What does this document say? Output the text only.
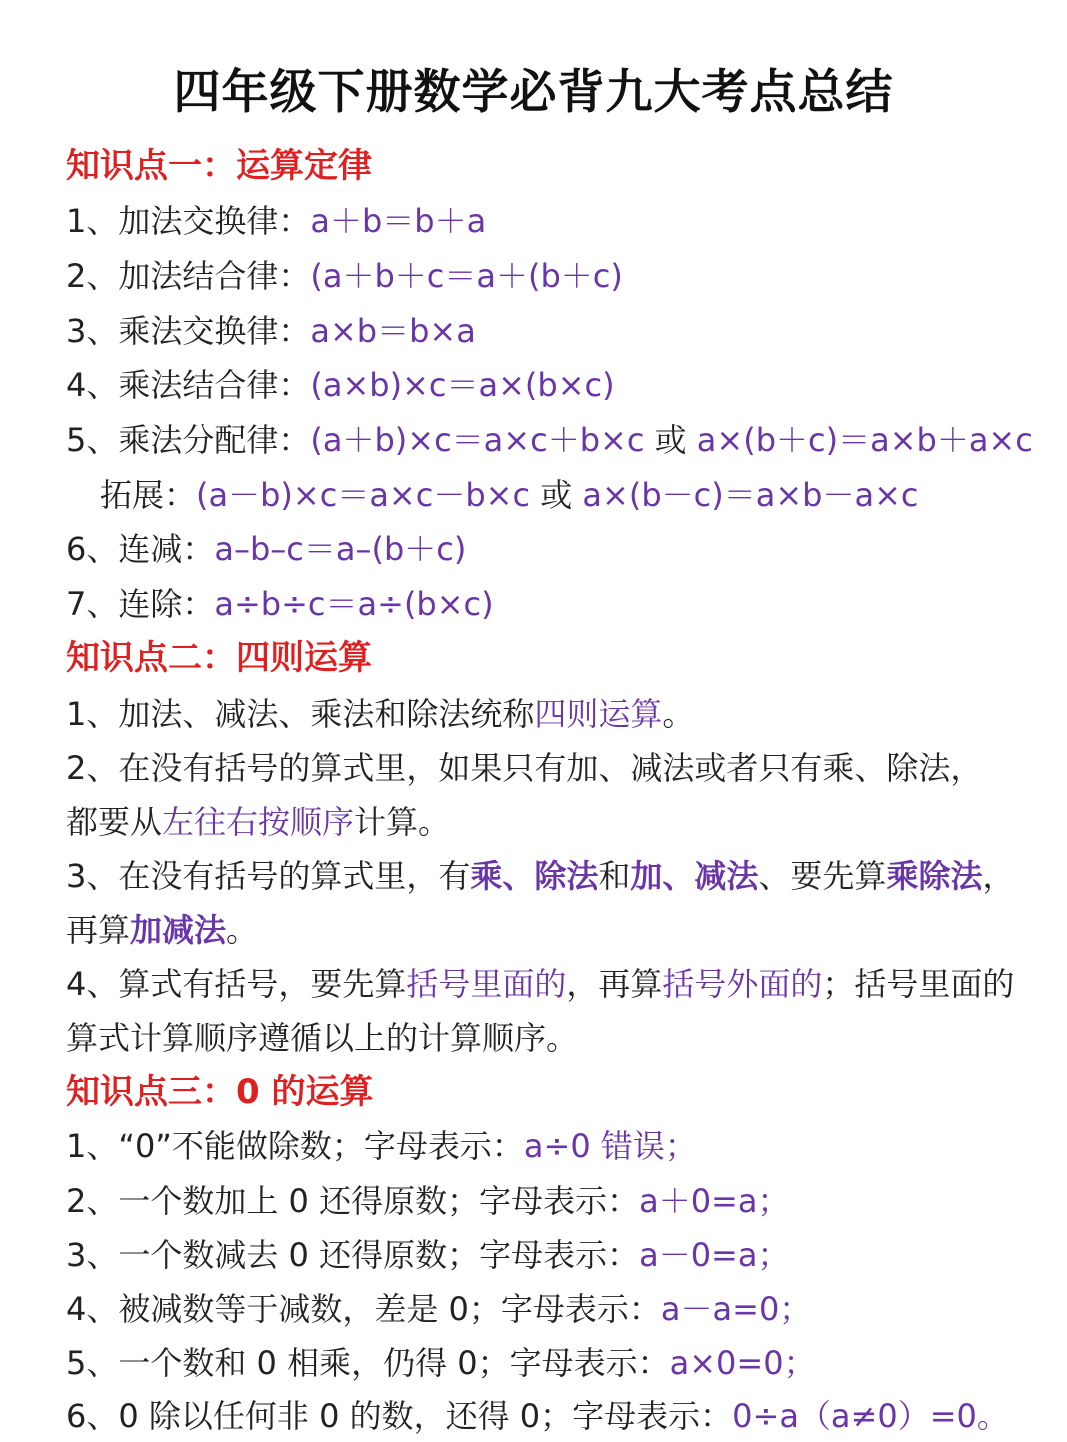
四年级下册数学必背九大考点总结
知识点一：运算定律
1、加法交换律：a＋b＝b＋a
2、加法结合律：(a＋b＋c＝a＋(b＋c)
3、乘法交换律：a×b＝b×a
4、乘法结合律：(a×b)×c＝a×(b×c)
5、乘法分配律：(a＋b)×c＝a×c＋b×c 或 a×(b＋c)＝a×b＋a×c
拓展：(a－b)×c＝a×c－b×c 或 a×(b－c)＝a×b－a×c
6、连减：a–b–c＝a–(b＋c)
7、连除：a÷b÷c＝a÷(b×c)
知识点二：四则运算
1、加法、减法、乘法和除法统称四则运算。
2、在没有括号的算式里，如果只有加、减法或者只有乘、除法，
都要从左往右按顺序计算。
3、在没有括号的算式里，有乘、除法和加、减法、要先算乘除法，
再算加减法。
4、算式有括号，要先算括号里面的，再算括号外面的；括号里面的
算式计算顺序遵循以上的计算顺序。
知识点三：0 的运算
1、“0”不能做除数；字母表示：a÷0 错误；
2、一个数加上 0 还得原数；字母表示：a＋0=a；
3、一个数减去 0 还得原数；字母表示：a－0=a；
4、被减数等于减数，差是 0；字母表示：a－a=0；
5、一个数和 0 相乘，仍得 0；字母表示：a×0=0；
6、0 除以任何非 0 的数，还得 0；字母表示：0÷a（a≠0）=0。
